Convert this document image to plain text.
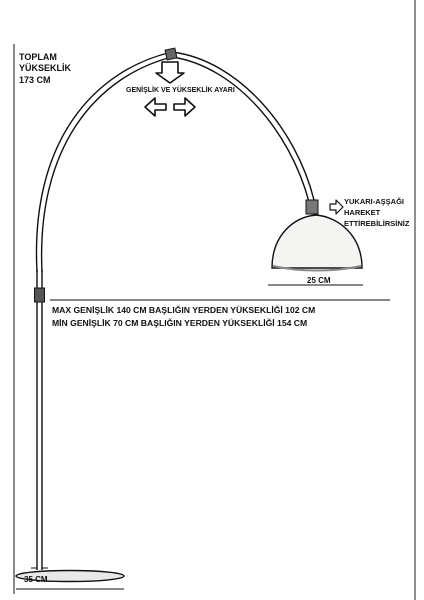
TOPLAM
YÜKSEKLİK
173 CM
GENİŞLİK VE YÜKSEKLİK AYARI
YUKARI-AŞŞAĞI
HAREKET
ETTİREBİLİRSİNİZ
25 CM
MAX GENİŞLİK 140 CM BAŞLIĞIN YERDEN YÜKSEKLİĞİ 102 CM
MİN GENİŞLİK 70 CM BAŞLIĞIN YERDEN YÜKSEKLİĞİ 154 CM
35 CM
